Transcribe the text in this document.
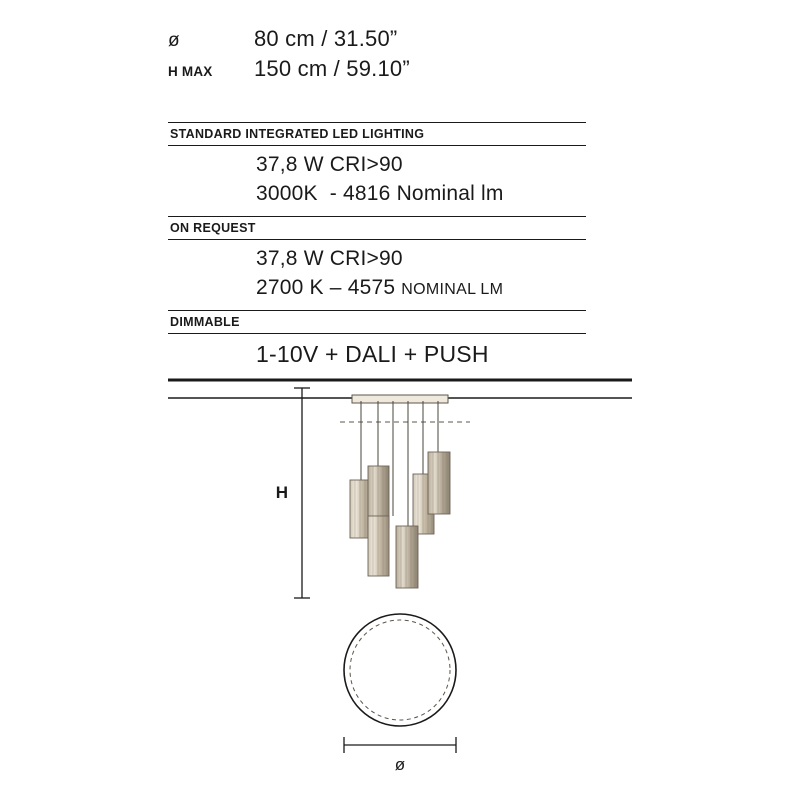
ø	80 cm / 31.50”
H MAX	150 cm / 59.10”
STANDARD INTEGRATED LED LIGHTING
37,8 W CRI>90
3000K  - 4816 Nominal lm
ON REQUEST
37,8 W CRI>90
2700 K – 4575 NOMINAL LM
DIMMABLE
1-10V + DALI + PUSH
H
ø
